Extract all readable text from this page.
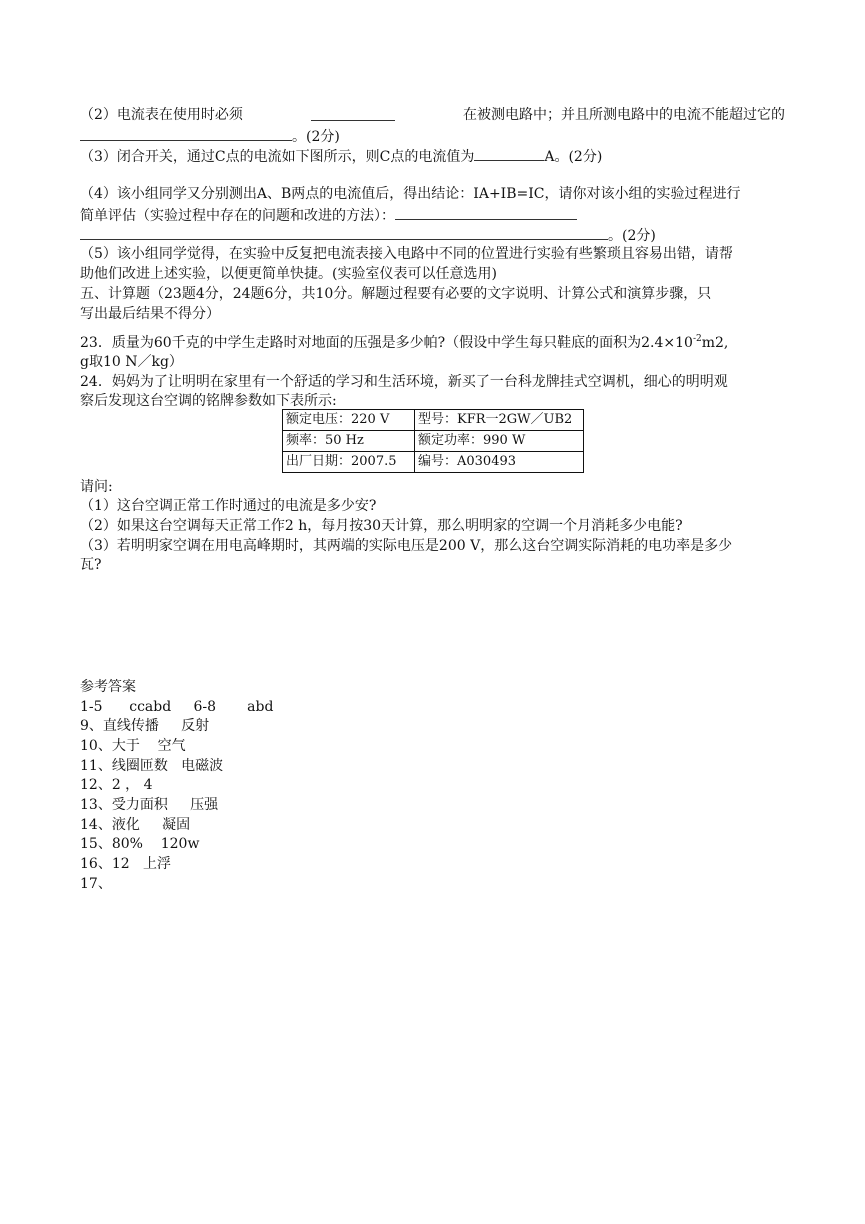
（2）电流表在使用时必须	在被测电路中；并且所测电路中的电流不能超过它的
。(2分)
（3）闭合开关，通过C点的电流如下图所示，则C点的电流值为	A。(2分)
（4）该小组同学又分别测出A、B两点的电流值后，得出结论：IA+IB=IC，请你对该小组的实验过程进行
简单评估（实验过程中存在的问题和改进的方法）：
。(2分)
（5）该小组同学觉得，在实验中反复把电流表接入电路中不同的位置进行实验有些繁琐且容易出错，请帮
助他们改进上述实验，以便更简单快捷。(实验室仪表可以任意选用)
五、计算题（23题4分，24题6分，共10分。解题过程要有必要的文字说明、计算公式和演算步骤，只
写出最后结果不得分）
23．质量为60千克的中学生走路时对地面的压强是多少帕?（假设中学生每只鞋底的面积为$2.4\times 10^{-2}m2$,
g取10 N／kg）
24．妈妈为了让明明在家里有一个舒适的学习和生活环境，新买了一台科龙牌挂式空调机，细心的明明观
察后发现这台空调的铭牌参数如下表所示:
额定电压：220 V	型号：KFR一2GW／UB2
频率：50 Hz	额定功率：990 W
出厂日期：2007.5	编号：A030493
请问:
（1）这台空调正常工作时通过的电流是多少安?
（2）如果这台空调每天正常工作2 h，每月按30天计算，那么明明家的空调一个月消耗多少电能?
（3）若明明家空调在用电高峰期时，其两端的实际电压是200 V，那么这台空调实际消耗的电功率是多少
瓦?
参考答案
1-5      ccabd     6-8       abd
9、直线传播     反射
10、大于    空气
11、线圈匝数   电磁波
12、2 ， 4
13、受力面积     压强
14、液化     凝固
15、80%    120w
16、12   上浮
17、
